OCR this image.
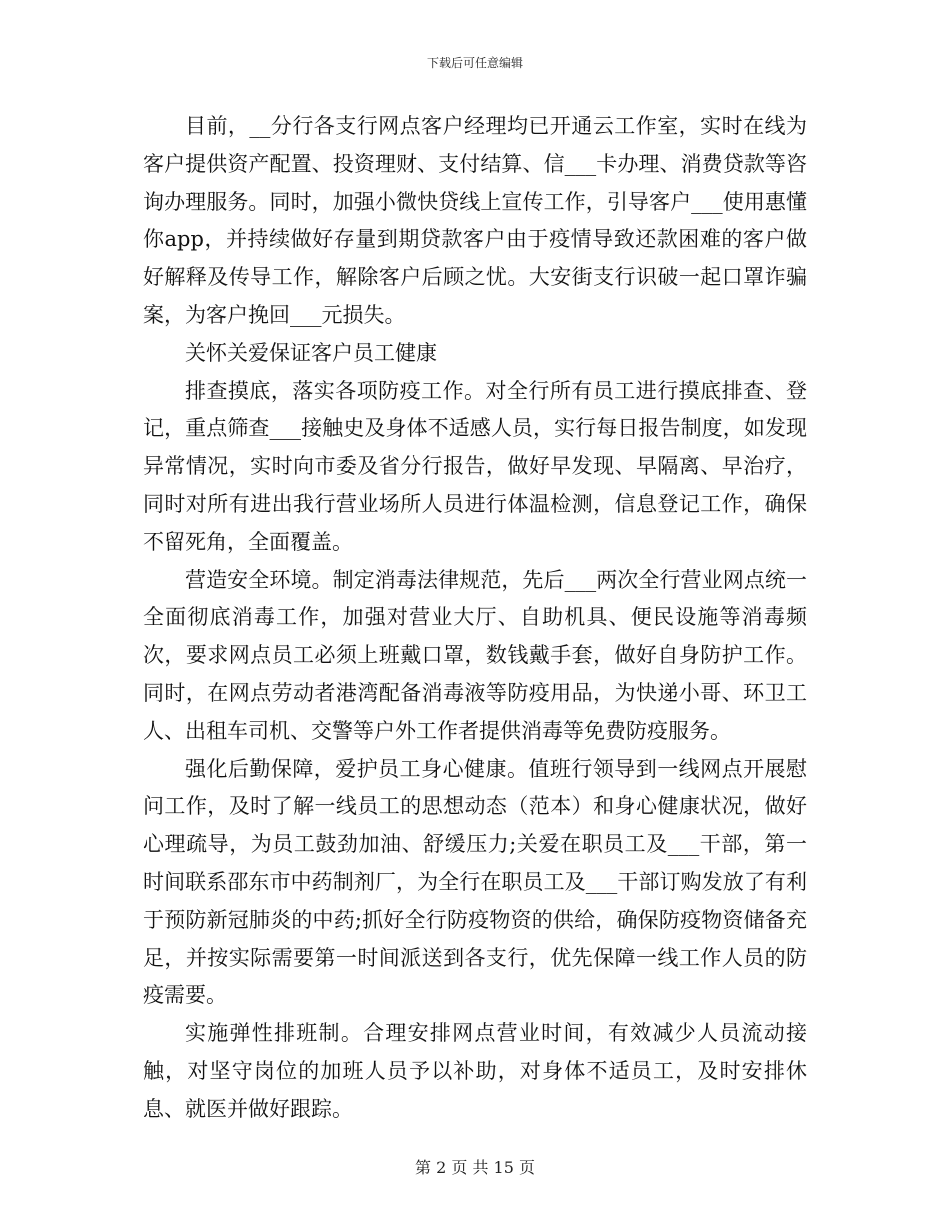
下载后可任意编辑

目前，__分行各支行网点客户经理均已开通云工作室，实时在线为客户提供资产配置、投资理财、支付结算、信___卡办理、消费贷款等咨询办理服务。同时，加强小微快贷线上宣传工作，引导客户___使用惠懂你app，并持续做好存量到期贷款客户由于疫情导致还款困难的客户做好解释及传导工作，解除客户后顾之忧。大安街支行识破一起口罩诈骗案，为客户挽回___元损失。

关怀关爱保证客户员工健康

排查摸底，落实各项防疫工作。对全行所有员工进行摸底排查、登记，重点筛查___接触史及身体不适感人员，实行每日报告制度，如发现异常情况，实时向市委及省分行报告，做好早发现、早隔离、早治疗，同时对所有进出我行营业场所人员进行体温检测，信息登记工作，确保不留死角，全面覆盖。

营造安全环境。制定消毒法律规范，先后___两次全行营业网点统一全面彻底消毒工作，加强对营业大厅、自助机具、便民设施等消毒频次，要求网点员工必须上班戴口罩，数钱戴手套，做好自身防护工作。同时，在网点劳动者港湾配备消毒液等防疫用品，为快递小哥、环卫工人、出租车司机、交警等户外工作者提供消毒等免费防疫服务。

强化后勤保障，爱护员工身心健康。值班行领导到一线网点开展慰问工作，及时了解一线员工的思想动态（范本）和身心健康状况，做好心理疏导，为员工鼓劲加油、舒缓压力;关爱在职员工及___干部，第一时间联系邵东市中药制剂厂，为全行在职员工及___干部订购发放了有利于预防新冠肺炎的中药;抓好全行防疫物资的供给，确保防疫物资储备充足，并按实际需要第一时间派送到各支行，优先保障一线工作人员的防疫需要。

实施弹性排班制。合理安排网点营业时间，有效减少人员流动接触，对坚守岗位的加班人员予以补助，对身体不适员工，及时安排休息、就医并做好跟踪。

第 2 页 共 15 页
